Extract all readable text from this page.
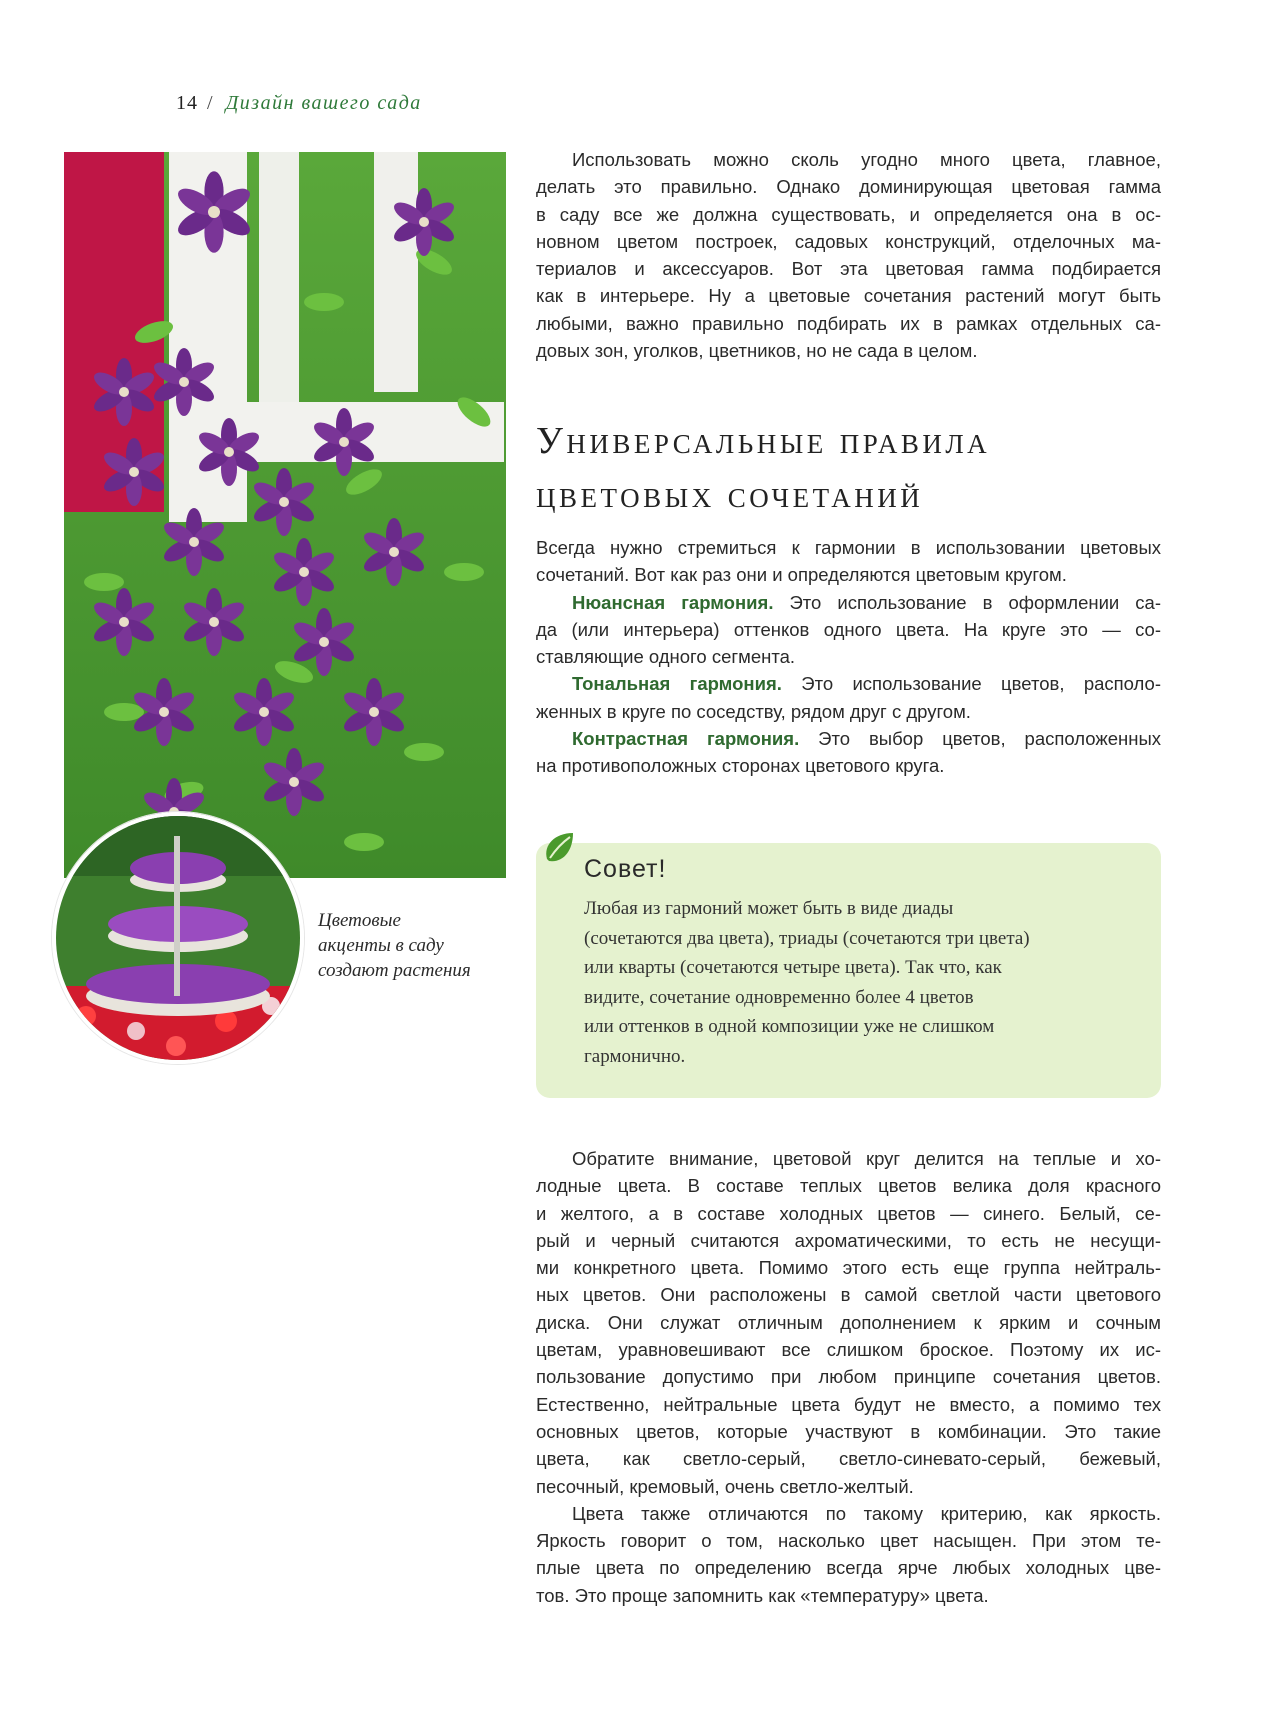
14 / Дизайн вашего сада
Цветовые
акценты в саду
создают растения

Использовать можно сколь угодно много цвета, главное,
делать это правильно. Однако доминирующая цветовая гамма
в саду все же должна существовать, и определяется она в ос-
новном цветом построек, садовых конструкций, отделочных ма-
териалов и аксессуаров. Вот эта цветовая гамма подбирается
как в интерьере. Ну а цветовые сочетания растений могут быть
любыми, важно правильно подбирать их в рамках отдельных са-
довых зон, уголков, цветников, но не сада в целом.

Универсальные правила
цветовых сочетаний

Всегда нужно стремиться к гармонии в использовании цветовых
сочетаний. Вот как раз они и определяются цветовым кругом.
Нюансная гармония. Это использование в оформлении са-
да (или интерьера) оттенков одного цвета. На круге это — со-
ставляющие одного сегмента.
Тональная гармония. Это использование цветов, располо-
женных в круге по соседству, рядом друг с другом.
Контрастная гармония. Это выбор цветов, расположенных
на противоположных сторонах цветового круга.

Совет!
Любая из гармоний может быть в виде диады
(сочетаются два цвета), триады (сочетаются три цвета)
или кварты (сочетаются четыре цвета). Так что, как
видите, сочетание одновременно более 4 цветов
или оттенков в одной композиции уже не слишком
гармонично.

Обратите внимание, цветовой круг делится на теплые и хо-
лодные цвета. В составе теплых цветов велика доля красного
и желтого, а в составе холодных цветов — синего. Белый, се-
рый и черный считаются ахроматическими, то есть не несущи-
ми конкретного цвета. Помимо этого есть еще группа нейтраль-
ных цветов. Они расположены в самой светлой части цветового
диска. Они служат отличным дополнением к ярким и сочным
цветам, уравновешивают все слишком броское. Поэтому их ис-
пользование допустимо при любом принципе сочетания цветов.
Естественно, нейтральные цвета будут не вместо, а помимо тех
основных цветов, которые участвуют в комбинации. Это такие
цвета, как светло-серый, светло-синевато-серый, бежевый,
песочный, кремовый, очень светло-желтый.
Цвета также отличаются по такому критерию, как яркость.
Яркость говорит о том, насколько цвет насыщен. При этом те-
плые цвета по определению всегда ярче любых холодных цве-
тов. Это проще запомнить как «температуру» цвета.
